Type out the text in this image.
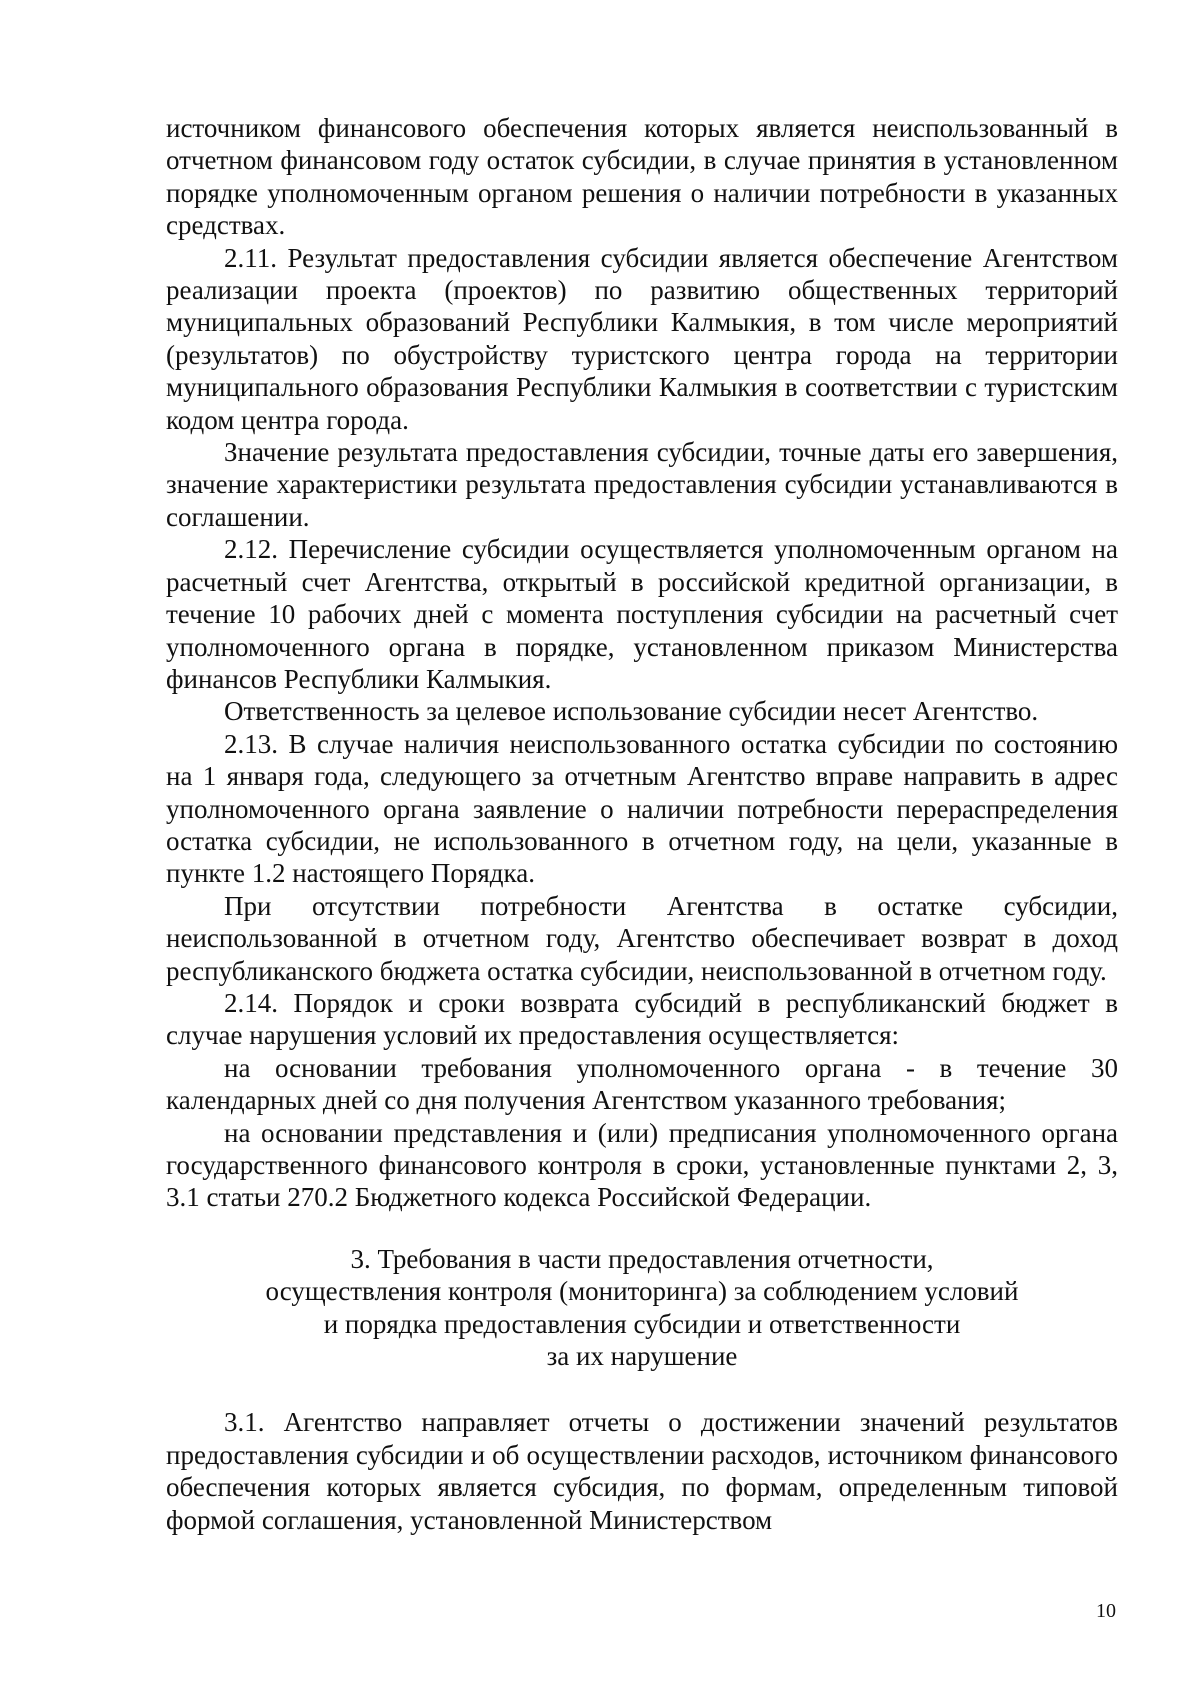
источником финансового обеспечения которых является неиспользованный в отчетном финансовом году остаток субсидии, в случае принятия в установленном порядке уполномоченным органом решения о наличии потребности в указанных средствах.

2.11. Результат предоставления субсидии является обеспечение Агентством реализации проекта (проектов) по развитию общественных территорий муниципальных образований Республики Калмыкия, в том числе мероприятий (результатов) по обустройству туристского центра города на территории муниципального образования Республики Калмыкия в соответствии с туристским кодом центра города.

Значение результата предоставления субсидии, точные даты его завершения, значение характеристики результата предоставления субсидии устанавливаются в соглашении.

2.12. Перечисление субсидии осуществляется уполномоченным органом на расчетный счет Агентства, открытый в российской кредитной организации, в течение 10 рабочих дней с момента поступления субсидии на расчетный счет уполномоченного органа в порядке, установленном приказом Министерства финансов Республики Калмыкия.

Ответственность за целевое использование субсидии несет Агентство.

2.13. В случае наличия неиспользованного остатка субсидии по состоянию на 1 января года, следующего за отчетным Агентство вправе направить в адрес уполномоченного органа заявление о наличии потребности перераспределения остатка субсидии, не использованного в отчетном году, на цели, указанные в пункте 1.2 настоящего Порядка.

При отсутствии потребности Агентства в остатке субсидии, неиспользованной в отчетном году, Агентство обеспечивает возврат в доход республиканского бюджета остатка субсидии, неиспользованной в отчетном году.

2.14. Порядок и сроки возврата субсидий в республиканский бюджет в случае нарушения условий их предоставления осуществляется:

на основании требования уполномоченного органа - в течение 30 календарных дней со дня получения Агентством указанного требования;

на основании представления и (или) предписания уполномоченного органа государственного финансового контроля в сроки, установленные пунктами 2, 3, 3.1 статьи 270.2 Бюджетного кодекса Российской Федерации.

3. Требования в части предоставления отчетности,
осуществления контроля (мониторинга) за соблюдением условий
и порядка предоставления субсидии и ответственности
за их нарушение

3.1. Агентство направляет отчеты о достижении значений результатов предоставления субсидии и об осуществлении расходов, источником финансового обеспечения которых является субсидия, по формам, определенным типовой формой соглашения, установленной Министерством

10
